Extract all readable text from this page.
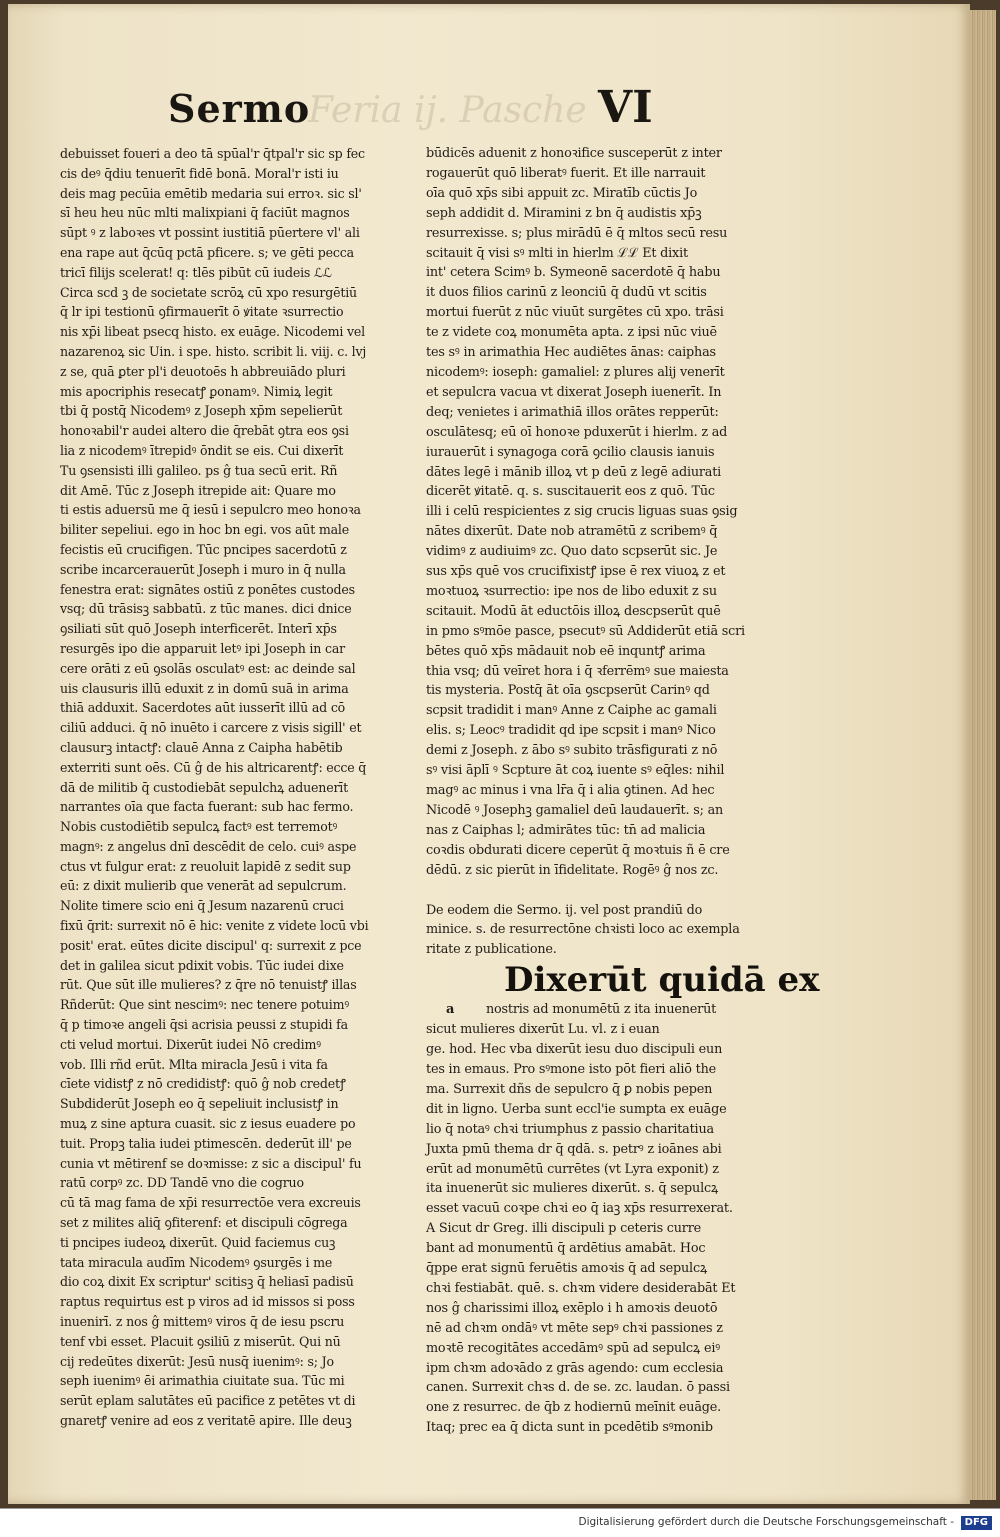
Feria ij. Pasche
Sermo	VI
debuisset foueri a deo tā spūal'r q̄tpal'r sic sp fec
cis deꝰ q̄diu tenuerīt fidē bonā. Moral'r isti iu
deis mag pecūia emētib medaria sui erroꝛ. sic sl'
sī heu heu nūc mlti malixpiani q̄ faciūt magnos
sūpt ꝰ z laboꝛes vt possint iustitiā pūertere vl' ali
ena rape aut q̄cūq pctā pficere. s; ve gēti pecca
tricī filijs scelerat! q: tlēs pibūt cū iudeis ℒℒ
Circa scd ꝫ de societate scrōꝝ cū xpo resurgētiū
q̄ lr ipi testionū ꝯfirmauerīt ō ꝟitate ꝛsurrectio
nis xp̄i libeat psecq histo. ex euāge. Nicodemi vel
nazarenoꝝ sic Uin. i spe. histo. scribit li. viij. c. lvj
z se, quā ꝑter pl'i deuotoēs h abbreuiādo pluri
mis apocriphis resecatꝭ ꝑonamꝰ. Nimiꝝ legit
tbi q̄ postq̄ Nicodemꝰ z Joseph xp̄m sepelierūt
honoꝛabil'r audei altero die q̄rebāt ꝯtra eos ꝯsi
lia z nicodemꝰ ītrepidꝰ ōndit se eis. Cui dixerīt
Tu ꝯsensisti illi galileo. ps ĝ tua secū erit. Rñ
dit Amē. Tūc z Joseph itrepide ait: Quare mo
ti estis aduersū me q̄ iesū i sepulcro meo honoꝛa
biliter sepeliui. ego in hoc bn egi. vos aūt male
fecistis eū crucifigen. Tūc pncipes sacerdotū z
scribe incarcerauerūt Joseph i muro in q̄ nulla
fenestra erat: signātes ostiū z ponētes custodes
vsq; dū trāsisꝫ sabbatū. z tūc manes. dici dnice
ꝯsiliati sūt quō Joseph interficerēt. Interī xp̄s
resurgēs ipo die apparuit letꝰ ipi Joseph in car
cere orāti z eū ꝯsolās osculatꝰ est: ac deinde sal
uis clausuris illū eduxit z in domū suā in arima
thiā adduxit. Sacerdotes aūt iusserīt illū ad cō
ciliū adduci. q̄ nō inuēto i carcere z visis sigill' et
clausurꝫ intactꝭ: clauē Anna z Caipha habētib
exterriti sunt oēs. Cū ĝ de his altricarentꝭ: ecce q̄
dā de militib q̄ custodiebāt sepulchꝝ aduenerīt
narrantes oīa que facta fuerant: sub hac fermo.
Nobis custodiētib sepulcꝝ factꝰ est terremotꝰ
magnꝰ: z angelus dnī descēdit de celo. cuiꝰ aspe
ctus vt fulgur erat: z reuoluit lapidē z sedit sup
eū: z dixit mulierib que venerāt ad sepulcrum.
Nolite timere scio eni q̄ Jesum nazarenū cruci
fixū q̄rit: surrexit nō ē hic: venite z videte locū vbi
posit' erat. eūtes dicite discipul' q: surrexit z pce
det in galilea sicut pdixit vobis. Tūc iudei dixe
rūt. Que sūt ille mulieres? z q̄re nō tenuistꝭ illas
Rñderūt: Que sint nescimꝰ: nec tenere potuimꝰ
q̄ p timoꝛe angeli q̄si acrisia peussi z stupidi fa
cti velud mortui. Dixerūt iudei Nō credimꝰ
vob. Illi rñd erūt. Mlta miracla Jesū i vita fa
cīete vidistꝭ z nō credidistꝭ: quō ĝ nob credetꝭ
Subdiderūt Joseph eo q̄ sepeliuit inclusistꝭ in
muꝝ z sine aptura cuasit. sic z iesus euadere po
tuit. Propꝫ talia iudei ptimescēn. dederūt ill' pe
cunia vt mētirenf se doꝛmisse: z sic a discipul' fu
ratū corpꝰ zc. DD Tandē vno die cogruo
cū tā mag fama de xp̄i resurrectōe vera excreuis
set z milites aliq̄ ꝯfiterenf: et discipuli cōgrega
ti pncipes iudeoꝝ dixerūt. Quid faciemus cuꝫ
tata miracula audīm Nicodemꝰ ꝯsurgēs i me
dio coꝝ dixit Ex scriptur' scitisꝫ q̄ heliasī padisū
raptus requirtus est p viros ad id missos si poss
inuenirī. z nos ĝ mittemꝰ viros q̄ de iesu pscru
tenf vbi esset. Placuit ꝯsiliū z miserūt. Qui nū
cij redeūtes dixerūt: Jesū nusq̄ iuenimꝰ: s; Jo
seph iuenimꝰ ēi arimathia ciuitate sua. Tūc mi
serūt eplam salutātes eū pacifice z petētes vt di
gnaretꝭ venire ad eos z veritatē apire. Ille deuꝫ
būdicēs aduenit z honoꝛifice susceperūt z inter
rogauerūt quō liberatꝰ fuerit. Et ille narrauit
oīa quō xp̄s sibi appuit zc. Miratīb cūctis Jo
seph addidit d. Miramini z bn q̄ audistis xp̄ꝫ
resurrexisse. s; plus mirādū ē q̄ mltos secū resu
scitauit q̄ visi sꝰ mlti in hierlm ℒℒ Et dixit
int' cetera Scimꝰ b. Symeonē sacerdotē q̄ habu
it duos filios carinū z leonciū q̄ dudū vt scitis
mortui fuerūt z nūc viuūt surgētes cū xpo. trāsi
te z videte coꝝ monumēta apta. z ipsi nūc viuē
tes sꝰ in arimathia Hec audiētes ānas: caiphas
nicodemꝰ: ioseph: gamaliel: z plures alij venerīt
et sepulcra vacua vt dixerat Joseph iuenerīt. In
deq; venietes i arimathiā illos orātes repperūt:
osculātesq; eū oī honoꝛe pduxerūt i hierlm. z ad
iurauerūt i synagoga corā ꝯcilio clausis ianuis
dātes legē i mānib illoꝝ vt p deū z legē adiurati
dicerēt ꝟitatē. q. s. suscitauerit eos z quō. Tūc
illi i celū respicientes z sig crucis liguas suas ꝯsig
nātes dixerūt. Date nob atramētū z scribemꝰ q̄
vidimꝰ z audiuimꝰ zc. Quo dato scpserūt sic. Je
sus xp̄s quē vos crucifixistꝭ ipse ē rex viuoꝝ z et
moꝛtuoꝝ ꝛsurrectio: ipe nos de libo eduxit z su
scitauit. Modū āt eductōis illoꝝ descpserūt quē
in pmo sꝰmōe pasce, psecutꝰ sū Addiderūt etiā scri
bētes quō xp̄s mādauit nob eē inquntꝭ arima
thia vsq; dū veīret hora i q̄ ꝛferrēmꝰ sue maiesta
tis mysteria. Postq̄ āt oīa ꝯscpserūt Carinꝰ qd
scpsit tradidit i manꝰ Anne z Caiphe ac gamali
elis. s; Leocꝰ tradidit qd ipe scpsit i manꝰ Nico
demi z Joseph. z ābo sꝰ subito trāsfigurati z nō
sꝰ visi āplī ꝰ Scpture āt coꝝ iuente sꝰ eq̄les: nihil
magꝰ ac minus i vna lr̄a q̄ i alia ꝯtinen. Ad hec
Nicodē ꝰ Josephꝫ gamaliel deū laudauerīt. s; an
nas z Caiphas l; admirātes tūc: tn̄ ad malicia
coꝛdis obdurati dicere ceperūt q̄ moꝛtuis ñ ē cre
dēdū. z sic pierūt in īfidelitate. Rogēꝰ ĝ nos zc.
De eodem die Sermo. ij. vel post prandiū do
minice. s. de resurrectōne chꝛisti loco ac exempla
ritate z publicatione.
Dixerūt quidā ex
a nostris ad monumētū z ita inuenerūt
sicut mulieres dixerūt Lu. vl. z i euan
ge. hod. Hec vba dixerūt iesu duo discipuli eun
tes in emaus. Pro sꝰmone isto pōt fieri aliō the
ma. Surrexit dñs de sepulcro q̄ ꝑ nobis pepen
dit in ligno. Uerba sunt eccl'ie sumpta ex euāge
lio q̄ notaꝰ chꝛi triumphus z passio charitatiua
Juxta pmū thema dr q̄ qdā. s. petrꝰ z ioānes abi
erūt ad monumētū currētes (vt Lyra exponit) z
ita inuenerūt sic mulieres dixerūt. s. q̄ sepulcꝝ
esset vacuū coꝛpe chꝛi eo q̄ iaꝫ xp̄s resurrexerat.
A Sicut dr Greg. illi discipuli p ceteris curre
bant ad monumentū q̄ ardētius amabāt. Hoc
q̄ppe erat signū feruētis amoꝛis q̄ ad sepulcꝝ
chꝛi festiabāt. quē. s. chꝛm videre desiderabāt Et
nos ĝ charissimi illoꝝ exēplo i h amoꝛis deuotō
nē ad chꝛm ondāꝰ vt mēte sepꝰ chꝛi passiones z
moꝛtē recogitātes accedāmꝰ spū ad sepulcꝝ eiꝰ
ipm chꝛm adoꝛādo z grās agendo: cum ecclesia
canen. Surrexit chꝛs d. de se. zc. laudan. ō passi
one z resurrec. de q̄b z hodiernū meīnit euāge.
Itaq; prec ea q̄ dicta sunt in pcedētib sꝰmonib
Digitalisierung gefördert durch die Deutsche Forschungsgemeinschaft -	DFG
